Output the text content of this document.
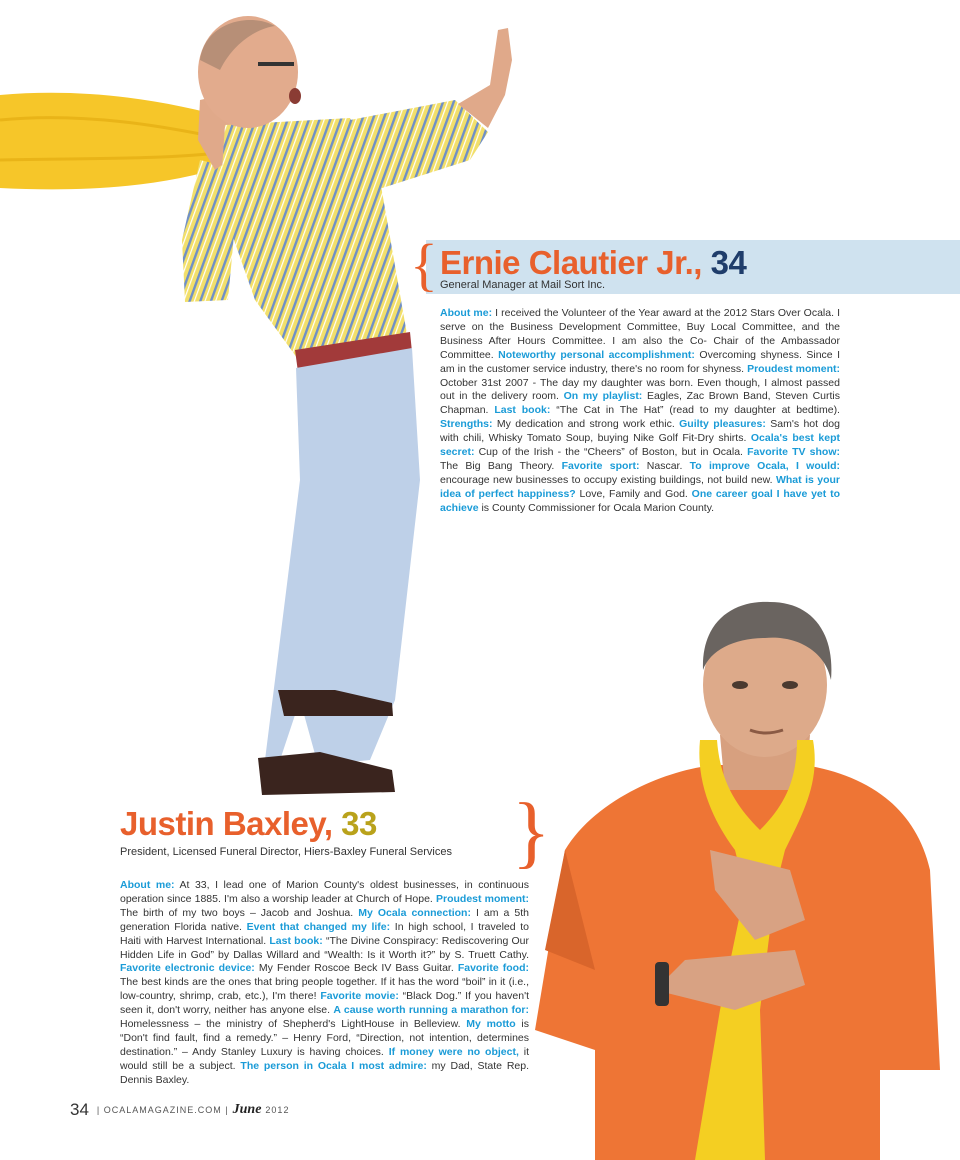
{ Ernie Clautier Jr., 34
General Manager at Mail Sort Inc.
About me: I received the Volunteer of the Year award at the 2012 Stars Over Ocala. I serve on the Business Development Committee, Buy Local Committee, and the Business After Hours Committee. I am also the Co- Chair of the Ambassador Committee. Noteworthy personal accomplishment: Overcoming shyness. Since I am in the customer service industry, there's no room for shyness. Proudest moment: October 31st 2007 - The day my daughter was born. Even though, I almost passed out in the delivery room. On my playlist: Eagles, Zac Brown Band, Steven Curtis Chapman. Last book: “The Cat in The Hat” (read to my daughter at bedtime). Strengths: My dedication and strong work ethic. Guilty pleasures: Sam's hot dog with chili, Whisky Tomato Soup, buying Nike Golf Fit-Dry shirts. Ocala's best kept secret: Cup of the Irish - the “Cheers” of Boston, but in Ocala. Favorite TV show: The Big Bang Theory. Favorite sport: Nascar. To improve Ocala, I would: encourage new businesses to occupy existing buildings, not build new. What is your idea of perfect happiness? Love, Family and God. One career goal I have yet to achieve is County Commissioner for Ocala Marion County.
Justin Baxley, 33
President, Licensed Funeral Director, Hiers-Baxley Funeral Services }
About me: At 33, I lead one of Marion County's oldest businesses, in continuous operation since 1885. I'm also a worship leader at Church of Hope. Proudest moment: The birth of my two boys – Jacob and Joshua. My Ocala connection: I am a 5th generation Florida native. Event that changed my life: In high school, I traveled to Haiti with Harvest International. Last book: “The Divine Conspiracy: Rediscovering Our Hidden Life in God” by Dallas Willard and “Wealth: Is it Worth it?” by S. Truett Cathy. Favorite electronic device: My Fender Roscoe Beck IV Bass Guitar. Favorite food: The best kinds are the ones that bring people together. If it has the word “boil” in it (i.e., low-country, shrimp, crab, etc.), I'm there! Favorite movie: “Black Dog.” If you haven't seen it, don't worry, neither has anyone else. A cause worth running a marathon for: Homelessness – the ministry of Shepherd's LightHouse in Belleview. My motto is “Don't find fault, find a remedy.” – Henry Ford, “Direction, not intention, determines destination.” – Andy Stanley Luxury is having choices. If money were no object, it would still be a subject. The person in Ocala I most admire: my Dad, State Rep. Dennis Baxley.
34 | OCALAMAGAZINE.COM | June 2012
